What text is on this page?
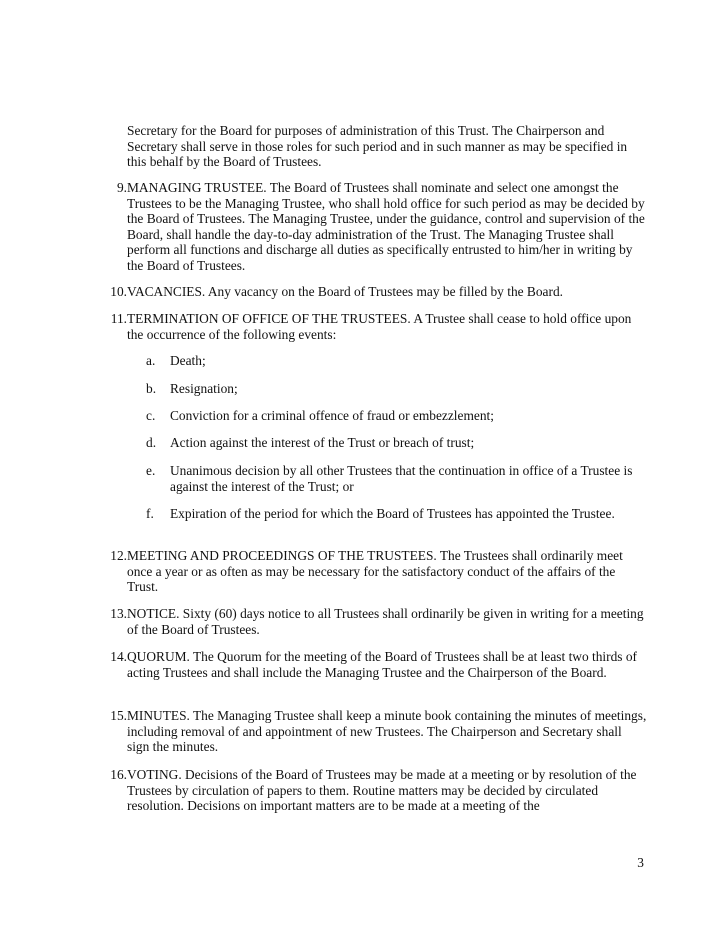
Secretary for the Board for purposes of administration of this Trust. The Chairperson and Secretary shall serve in those roles for such period and in such manner as may be specified in this behalf by the Board of Trustees.

9. MANAGING TRUSTEE. The Board of Trustees shall nominate and select one amongst the Trustees to be the Managing Trustee, who shall hold office for such period as may be decided by the Board of Trustees. The Managing Trustee, under the guidance, control and supervision of the Board, shall handle the day-to-day administration of the Trust. The Managing Trustee shall perform all functions and discharge all duties as specifically entrusted to him/her in writing by the Board of Trustees.
10. VACANCIES. Any vacancy on the Board of Trustees may be filled by the Board.
11. TERMINATION OF OFFICE OF THE TRUSTEES. A Trustee shall cease to hold office upon the occurrence of the following events:
a.	Death;
b.	Resignation;
c.	Conviction for a criminal offence of fraud or embezzlement;
d.	Action against the interest of the Trust or breach of trust;
e.	Unanimous decision by all other Trustees that the continuation in office of a Trustee is against the interest of the Trust; or
f.	Expiration of the period for which the Board of Trustees has appointed the Trustee.
12. MEETING AND PROCEEDINGS OF THE TRUSTEES. The Trustees shall ordinarily meet once a year or as often as may be necessary for the satisfactory conduct of the affairs of the Trust.
13. NOTICE. Sixty (60) days notice to all Trustees shall ordinarily be given in writing for a meeting of the Board of Trustees.
14. QUORUM. The Quorum for the meeting of the Board of Trustees shall be at least two thirds of acting Trustees and shall include the Managing Trustee and the Chairperson of the Board.
15. MINUTES. The Managing Trustee shall keep a minute book containing the minutes of meetings, including removal of and appointment of new Trustees. The Chairperson and Secretary shall sign the minutes.
16. VOTING. Decisions of the Board of Trustees may be made at a meeting or by resolution of the Trustees by circulation of papers to them. Routine matters may be decided by circulated resolution. Decisions on important matters are to be made at a meeting of the
3
